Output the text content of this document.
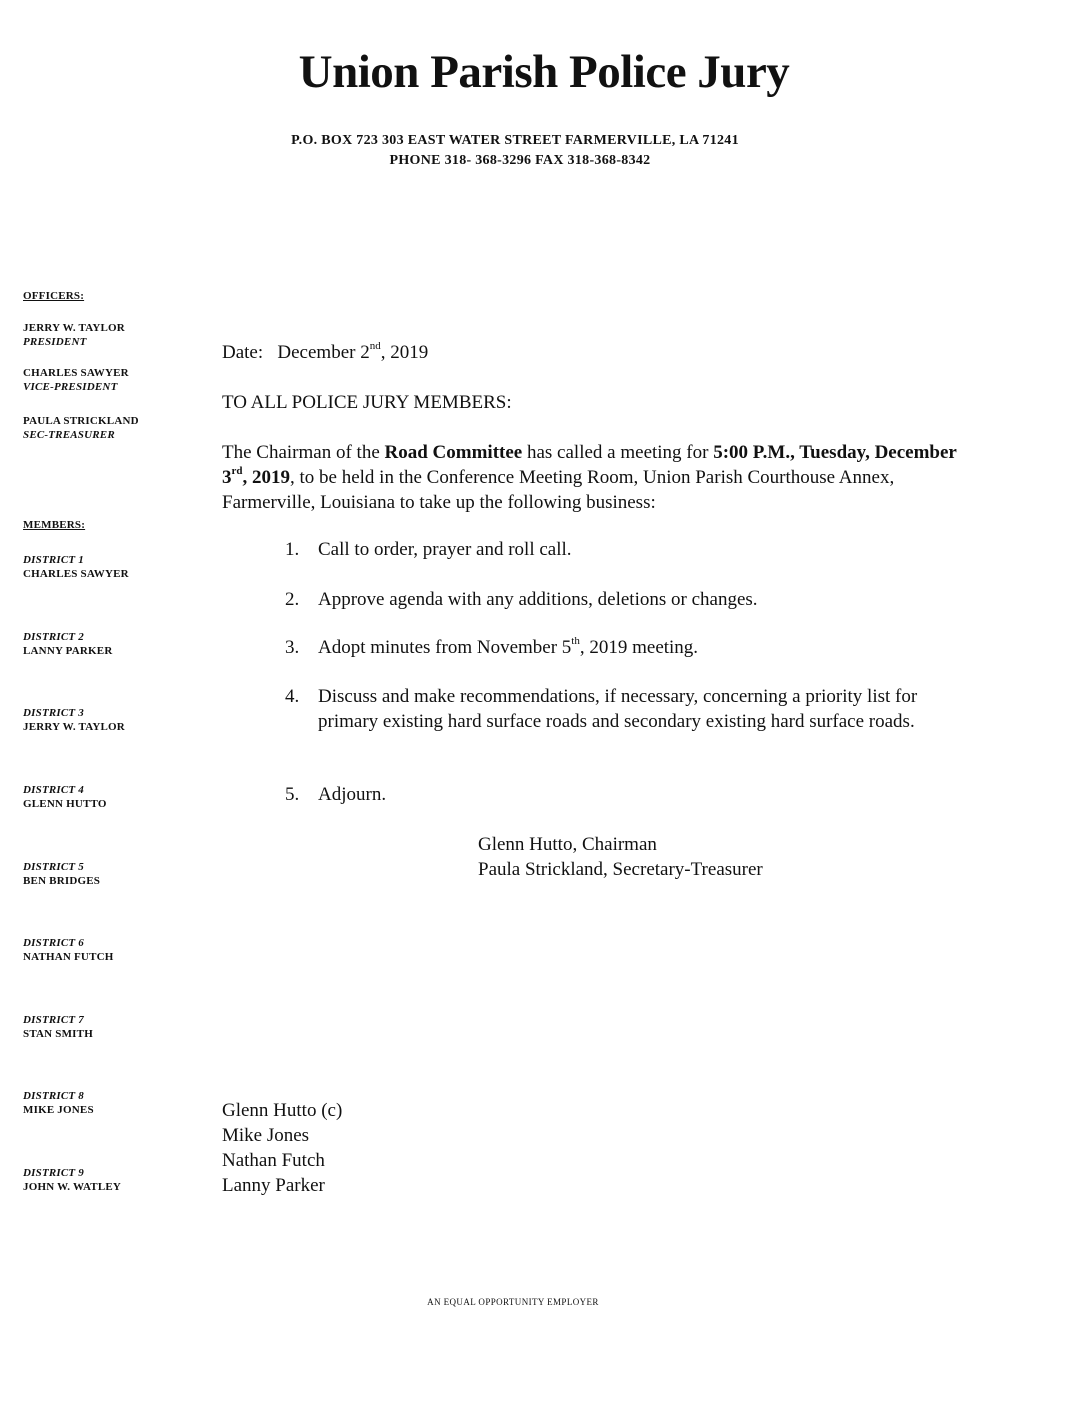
Union Parish Police Jury
P.O. BOX 723 303 EAST WATER STREET FARMERVILLE, LA 71241
PHONE 318- 368-3296 FAX 318-368-8342
OFFICERS:
JERRY W. TAYLOR
PRESIDENT
CHARLES SAWYER
VICE-PRESIDENT
PAULA STRICKLAND
SEC-TREASURER
MEMBERS:
DISTRICT 1
CHARLES SAWYER
DISTRICT 2
LANNY PARKER
DISTRICT 3
JERRY W. TAYLOR
DISTRICT 4
GLENN HUTTO
DISTRICT 5
BEN BRIDGES
DISTRICT 6
NATHAN FUTCH
DISTRICT 7
STAN SMITH
DISTRICT 8
MIKE JONES
DISTRICT 9
JOHN W. WATLEY
Date: December 2nd, 2019
TO ALL POLICE JURY MEMBERS:
The Chairman of the Road Committee has called a meeting for 5:00 P.M., Tuesday, December 3rd, 2019, to be held in the Conference Meeting Room, Union Parish Courthouse Annex, Farmerville, Louisiana to take up the following business:
1. Call to order, prayer and roll call.
2. Approve agenda with any additions, deletions or changes.
3. Adopt minutes from November 5th, 2019 meeting.
4. Discuss and make recommendations, if necessary, concerning a priority list for primary existing hard surface roads and secondary existing hard surface roads.
5. Adjourn.
Glenn Hutto, Chairman
Paula Strickland, Secretary-Treasurer
Glenn Hutto (c)
Mike Jones
Nathan Futch
Lanny Parker
AN EQUAL OPPORTUNITY EMPLOYER
